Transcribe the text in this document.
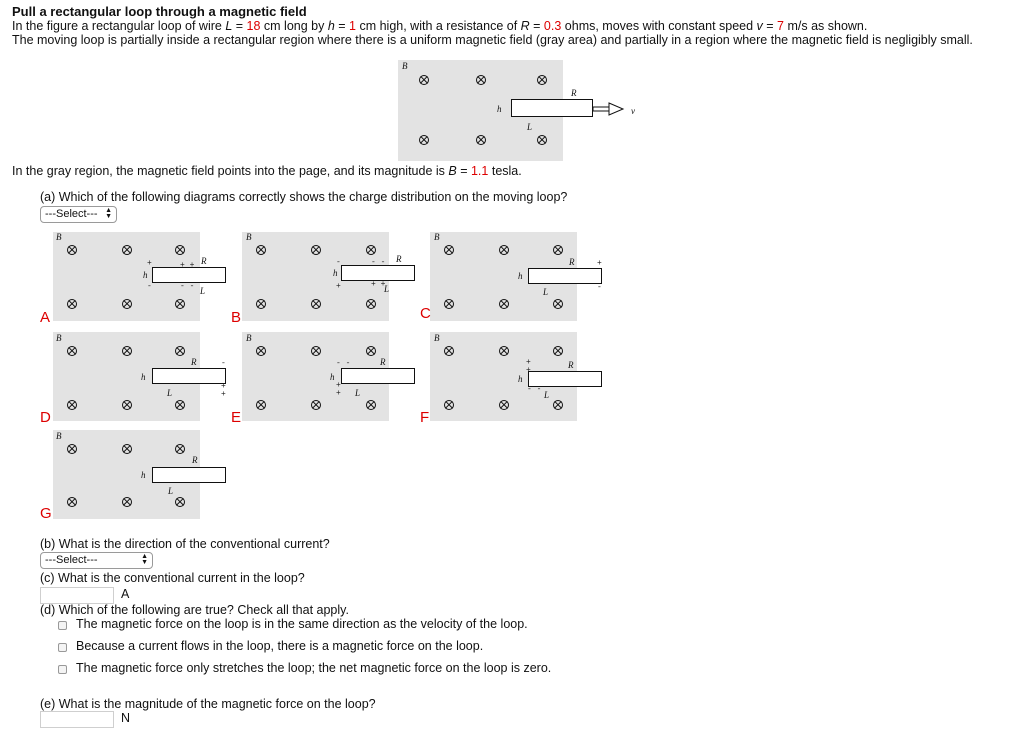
Pull a rectangular loop through a magnetic field
In the figure a rectangular loop of wire L = 18 cm long by h = 1 cm high, with a resistance of R = 0.3 ohms, moves with constant speed v = 7 m/s as shown.
The moving loop is partially inside a rectangular region where there is a uniform magnetic field (gray area) and partially in a region where the magnetic field is negligibly small.
B
R
h
L
v
In the gray region, the magnetic field points into the page, and its magnitude is B = 1.1 tesla.
(a) Which of the following diagrams correctly shows the charge distribution on the moving loop?
---Select--- ▲
▼
B
R
h
L
+ +
- -
+
-
A
B
R
h
L
- -
+ +
-
+
B
B
R
h
L
+
-
C
B
R
h
L
-
+
+
D
B
R
h
L
- -
+
+
E
B
R
h
L
+
+
- -
F
B
R
h
L
G
(b) What is the direction of the conventional current?
---Select---	▲
▼
(c) What is the conventional current in the loop?
A
(d) Which of the following are true? Check all that apply.
The magnetic force on the loop is in the same direction as the velocity of the loop.
Because a current flows in the loop, there is a magnetic force on the loop.
The magnetic force only stretches the loop; the net magnetic force on the loop is zero.
(e) What is the magnitude of the magnetic force on the loop?
N
